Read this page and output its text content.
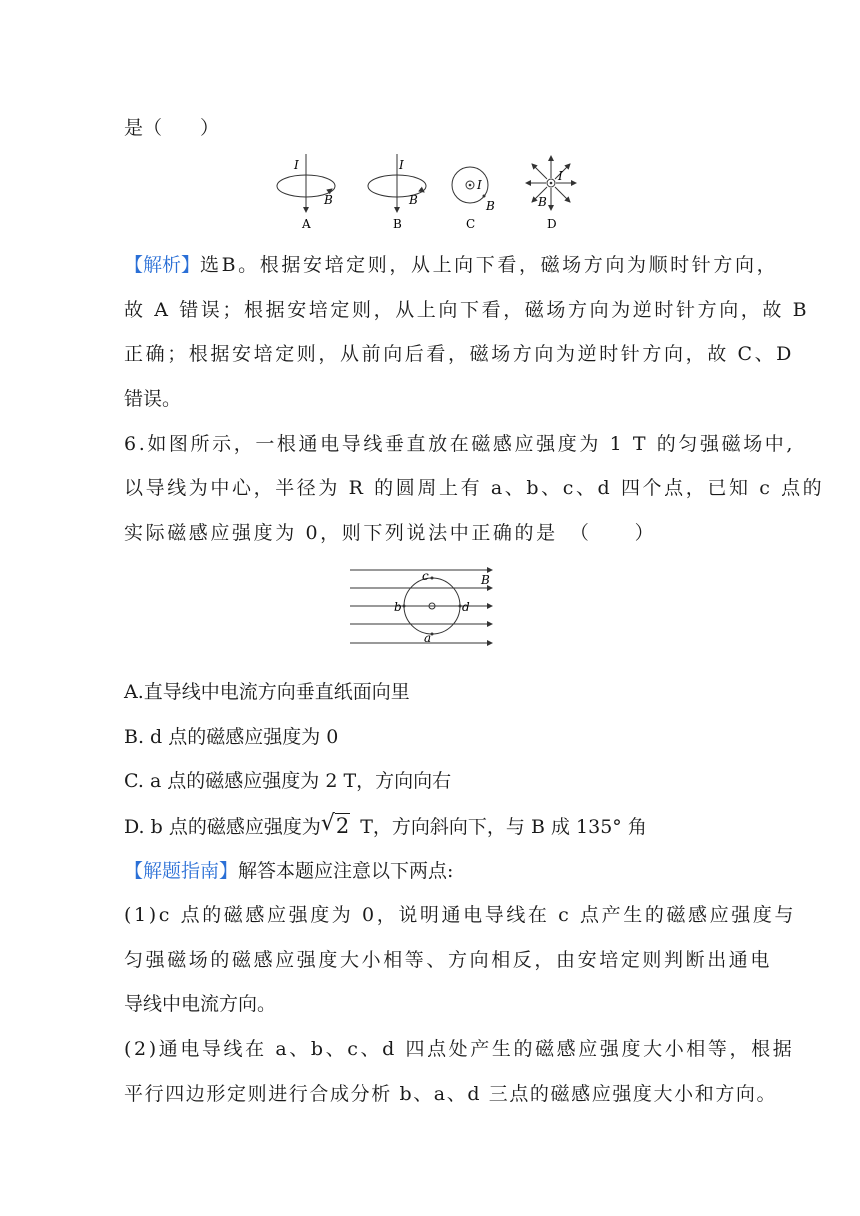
是（　　）
I
B
A
I
B
B
I
B
C
I
B
D
【解析】选B。根据安培定则，从上向下看，磁场方向为顺时针方向，
故 A 错误；根据安培定则，从上向下看，磁场方向为逆时针方向，故 B
正确；根据安培定则，从前向后看，磁场方向为逆时针方向，故 C、D
错误。
6.如图所示，一根通电导线垂直放在磁感应强度为 1 T 的匀强磁场中,
以导线为中心，半径为 R 的圆周上有 a、b、c、d 四个点，已知 c 点的
实际磁感应强度为 0，则下列说法中正确的是　（　　）
c
b	d
a
B
A.直导线中电流方向垂直纸面向里
B. d 点的磁感应强度为 0
C. a 点的磁感应强度为 2 T，方向向右
D. b 点的磁感应强度为 √ 2 T，方向斜向下，与 B 成 135° 角
【解题指南】解答本题应注意以下两点:
(1)c 点的磁感应强度为 0，说明通电导线在 c 点产生的磁感应强度与
匀强磁场的磁感应强度大小相等、方向相反，由安培定则判断出通电
导线中电流方向。
(2)通电导线在 a、b、c、d 四点处产生的磁感应强度大小相等，根据
平行四边形定则进行合成分析 b、a、d 三点的磁感应强度大小和方向。
